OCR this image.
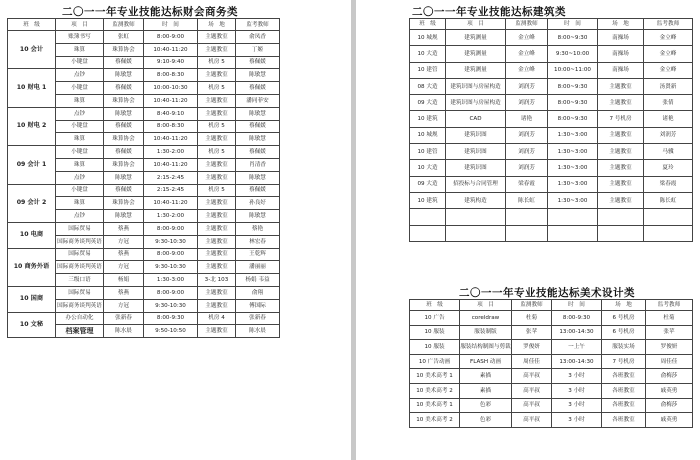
二〇一一年专业技能达标财会商务类
班　级	项　目	监测教师	时　间	场　地	监考教师
10 会计	账簿书写	张虹	8:00-9:00	主题教室	俞凤香
	珠算	珠算协会	10:40-11:20	主题教室	丁姬
	小键盘	蔡佩媛	9:10-9:40	机房 5	蔡佩媛
10 财电 1	点钞	陈敏慧	8:00-8:30	主题教室	陈敏慧
	小键盘	蔡佩媛	10:00-10:30	机房 5	蔡佩媛
	珠算	珠算协会	10:40-11:20	主题教室	潘同菲安
10 财电 2	点钞	陈敏慧	8:40-9:10	主题教室	陈敏慧
	小键盘	蔡佩媛	8:00-8:30	机房 5	蔡佩媛
	珠算	珠算协会	10:40-11:20	主题教室	陈敏慧
09 会计 1	小键盘	蔡佩媛	1:30-2:00	机房 5	蔡佩媛
	珠算	珠算协会	10:40-11:20	主题教室	肖清香
	点钞	陈敏慧	2:15-2:45	主题教室	陈敏慧
09 会计 2	小键盘	蔡佩媛	2:15-2:45	机房 5	蔡佩媛
	珠算	珠算协会	10:40-11:20	主题教室	孙良好
	点钞	陈敏慧	1:30-2:00	主题教室	陈敏慧
10 电商	国际贸易	蔡燕	8:00-9:00	主题教室	蔡艳
	国际商务谈判英语	方冠	9:30-10:30	主题教室	林宏春
10 商务外语	国际贸易	蔡燕	8:00-9:00	主题教室	王乾辉
	国际商务谈判英语	方冠	9:30-10:30	主题教室	潘丽丽
	三级口语	杨娟	1:30-3:00	3-北 103	杨娟 韦益
10 国商	国际贸易	蔡燕	8:00-9:00	主题教室	俞翔
	国际商务谈判英语	方冠	9:30-10:30	主题教室	傅国际
10 文秘	办公自动化	张新春	8:00-9:30	机房 4	张新春
	档案管理	陈水晨	9:50-10:50	主题教室	陈水晨
二〇一一年专业技能达标建筑类
班　级	项　目	监测教师	时　间	场　地	监考教师
10 城规	建筑测量	金立峰	8:00~9:30	南操场	金立峰
10 大造	建筑测量	金立峰	9:30~10:00	南操场	金立峰
10 建管	建筑测量	金立峰	10:00~11:00	南操场	金立峰
08 大造	建筑识图与房屋构造	刘润芳	8:00~9:30	主题教室	汤贤新
09 大造	建筑识图与房屋构造	刘润芳	8:00~9:30	主题教室	张倩
10 建筑	CAD	诸艳	8:00~9:30	7 号机房	诸艳
10 城规	建筑识图	刘润芳	1:30~3:00	主题教室	刘润芳
10 建管	建筑识图	刘润芳	1:30~3:00	主题教室	马骥
10 大造	建筑识图	刘润芳	1:30~3:00	主题教室	夏玲
09 大造	招投标与合同管理	梁春霞	1:30~3:00	主题教室	梁春霞
10 建筑	建筑构造	陈长虹	1:30~3:00	主题教室	陈长虹

二〇一一年专业技能达标美术设计类
班　级	项　目	监测教师	时　间	场　地	监考教师
10 广告	coreldraw	杜菊	8:00-9:30	6 号机房	杜菊
10 服装	服装制版	张苹	13:00-14:30	6 号机房	张苹
10 服装	服装结构制图与剪裁	罗俊妍	一上午	服装实场	罗俊妍
10 广告动画	FLASH 动画	周佳佳	13:00-14:30	7 号机房	周佳佳
10 美术高考 1	素描	高平叔	3 小时	各班教室	俞梅莎
10 美术高考 2	素描	高平叔	3 小时	各班教室	戚英勇
10 美术高考 1	色彩	高平叔	3 小时	各班教室	俞梅莎
10 美术高考 2	色彩	高平叔	3 小时	各班教室	戚英勇
